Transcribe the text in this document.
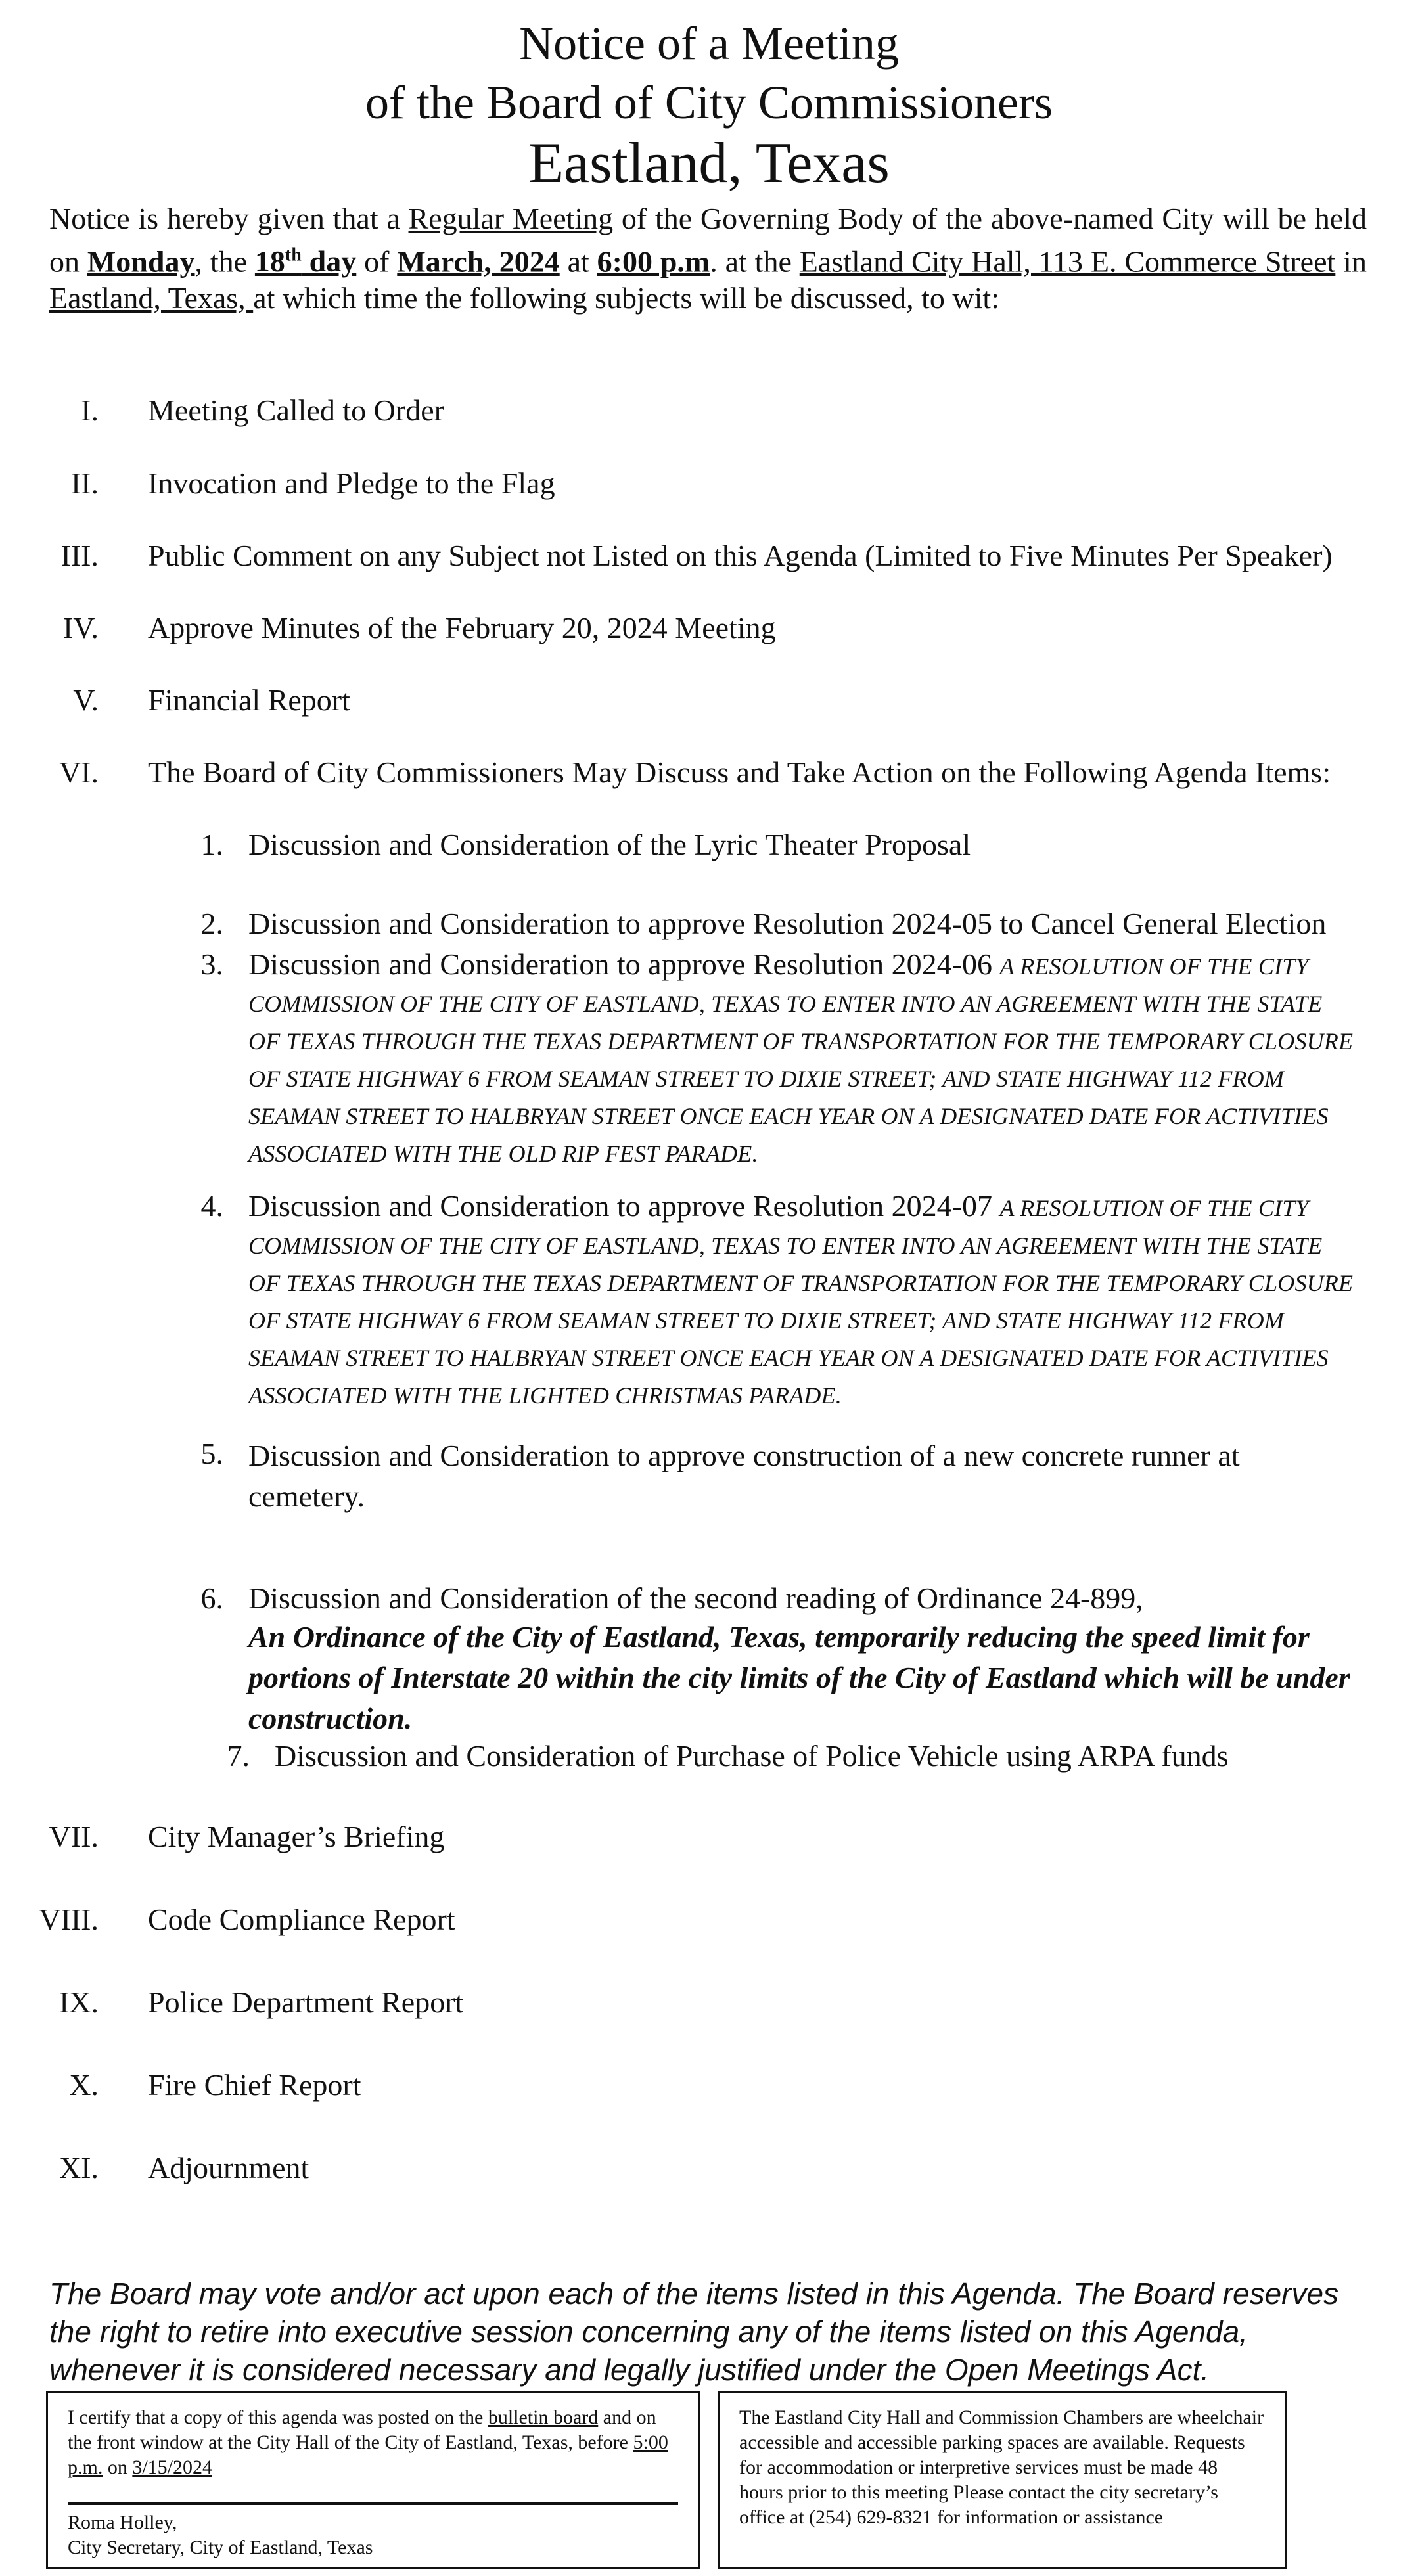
Notice of a Meeting
of the Board of City Commissioners
Eastland, Texas
Notice is hereby given that a Regular Meeting of the Governing Body of the above-named City will be held on Monday, the 18th day of March, 2024 at 6:00 p.m. at the Eastland City Hall, 113 E. Commerce Street in Eastland, Texas, at which time the following subjects will be discussed, to wit:
I. Meeting Called to Order
II. Invocation and Pledge to the Flag
III. Public Comment on any Subject not Listed on this Agenda (Limited to Five Minutes Per Speaker)
IV. Approve Minutes of the February 20, 2024 Meeting
V. Financial Report
VI. The Board of City Commissioners May Discuss and Take Action on the Following Agenda Items:
1. Discussion and Consideration of the Lyric Theater Proposal
2. Discussion and Consideration to approve Resolution 2024-05 to Cancel General Election
3. Discussion and Consideration to approve Resolution 2024-06 A RESOLUTION OF THE CITY COMMISSION OF THE CITY OF EASTLAND, TEXAS TO ENTER INTO AN AGREEMENT WITH THE STATE OF TEXAS THROUGH THE TEXAS DEPARTMENT OF TRANSPORTATION FOR THE TEMPORARY CLOSURE OF STATE HIGHWAY 6 FROM SEAMAN STREET TO DIXIE STREET; AND STATE HIGHWAY 112 FROM SEAMAN STREET TO HALBRYAN STREET ONCE EACH YEAR ON A DESIGNATED DATE FOR ACTIVITIES ASSOCIATED WITH THE OLD RIP FEST PARADE.
4. Discussion and Consideration to approve Resolution 2024-07 A RESOLUTION OF THE CITY COMMISSION OF THE CITY OF EASTLAND, TEXAS TO ENTER INTO AN AGREEMENT WITH THE STATE OF TEXAS THROUGH THE TEXAS DEPARTMENT OF TRANSPORTATION FOR THE TEMPORARY CLOSURE OF STATE HIGHWAY 6 FROM SEAMAN STREET TO DIXIE STREET; AND STATE HIGHWAY 112 FROM SEAMAN STREET TO HALBRYAN STREET ONCE EACH YEAR ON A DESIGNATED DATE FOR ACTIVITIES ASSOCIATED WITH THE LIGHTED CHRISTMAS PARADE.
5. Discussion and Consideration to approve construction of a new concrete runner at cemetery.
6. Discussion and Consideration of the second reading of Ordinance 24-899,
An Ordinance of the City of Eastland, Texas, temporarily reducing the speed limit for portions of Interstate 20 within the city limits of the City of Eastland which will be under construction.
7. Discussion and Consideration of Purchase of Police Vehicle using ARPA funds
VII. City Manager’s Briefing
VIII. Code Compliance Report
IX. Police Department Report
X. Fire Chief Report
XI. Adjournment
The Board may vote and/or act upon each of the items listed in this Agenda. The Board reserves the right to retire into executive session concerning any of the items listed on this Agenda, whenever it is considered necessary and legally justified under the Open Meetings Act.
I certify that a copy of this agenda was posted on the bulletin board and on the front window at the City Hall of the City of Eastland, Texas, before 5:00 p.m. on 3/15/2024
Roma Holley,
City Secretary, City of Eastland, Texas
The Eastland City Hall and Commission Chambers are wheelchair accessible and accessible parking spaces are available. Requests for accommodation or interpretive services must be made 48 hours prior to this meeting Please contact the city secretary’s office at (254) 629-8321 for information or assistance
